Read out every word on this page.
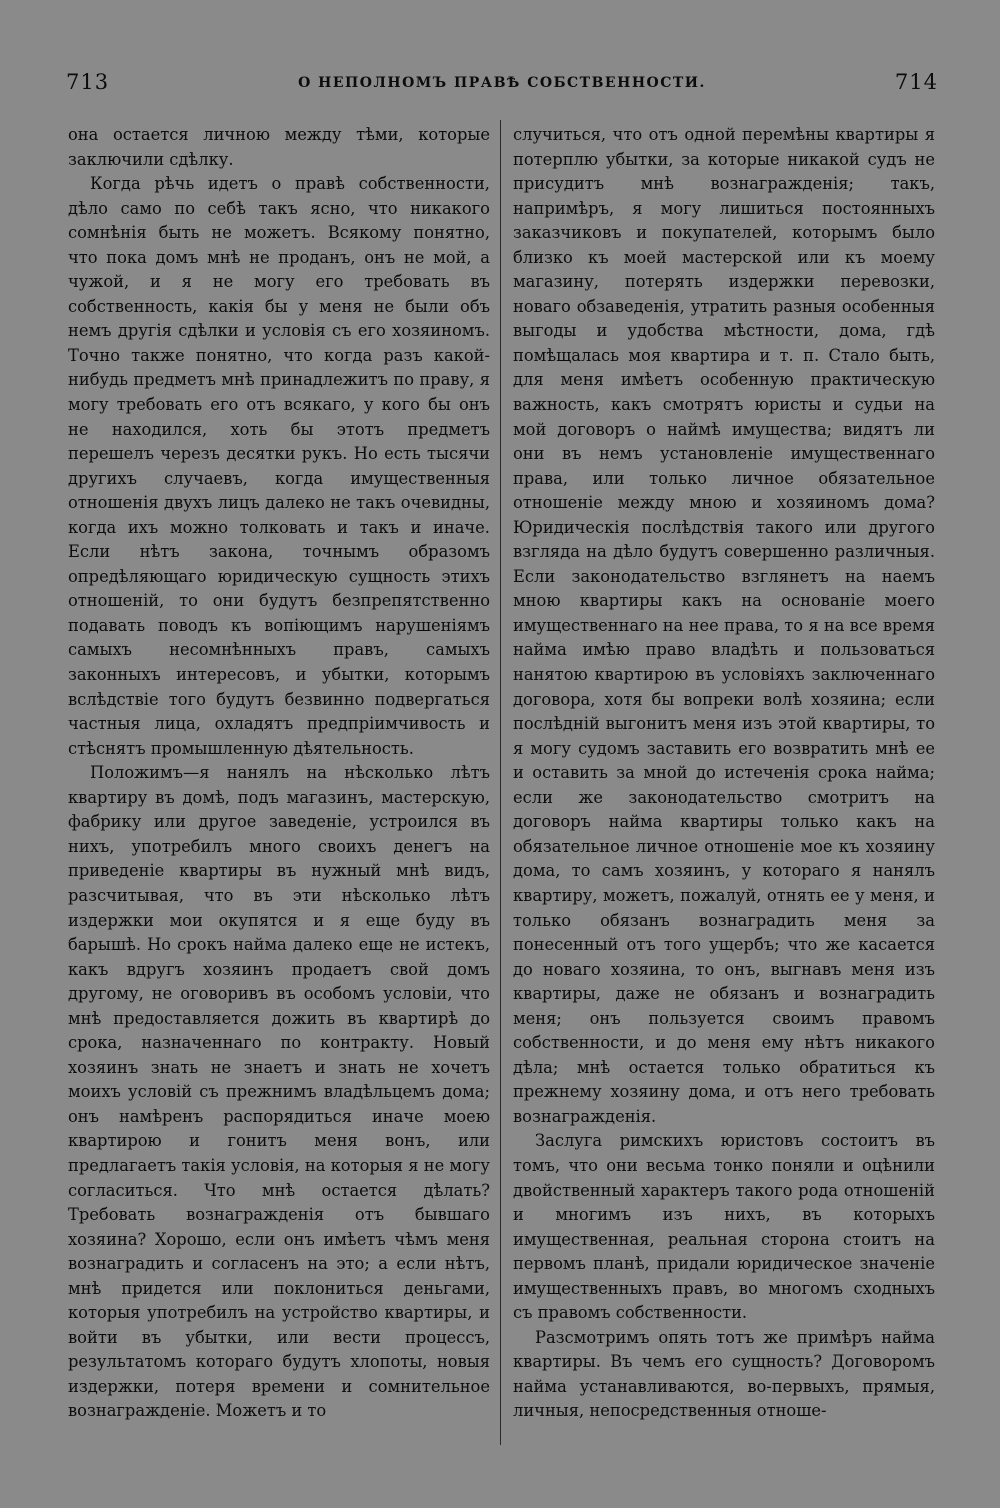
713	О НЕПОЛНОМЪ ПРАВѢ СОБСТВЕННОСТИ.	714

она остается личною между тѣми, которые заключили сдѣлку.

Когда рѣчь идетъ о правѣ собственности, дѣло само по себѣ такъ ясно, что никакого сомнѣнія быть не можетъ. Всякому понятно, что пока домъ мнѣ не проданъ, онъ не мой, а чужой, и я не могу его требовать въ собственность, какія бы у меня не были объ немъ другія сдѣлки и условія съ его хозяиномъ. Точно также понятно, что когда разъ какой-нибудь предметъ мнѣ принадлежитъ по праву, я могу требовать его отъ всякаго, у кого бы онъ не находился, хоть бы этотъ предметъ перешелъ черезъ десятки рукъ. Но есть тысячи другихъ случаевъ, когда имущественныя отношенія двухъ лицъ далеко не такъ очевидны, когда ихъ можно толковать и такъ и иначе. Если нѣтъ закона, точнымъ образомъ опредѣляющаго юридическую сущность этихъ отношеній, то они будутъ безпрепятственно подавать поводъ къ вопіющимъ нарушеніямъ самыхъ несомнѣнныхъ правъ, самыхъ законныхъ интересовъ, и убытки, которымъ вслѣдствіе того будутъ безвинно подвергаться частныя лица, охладятъ предпріимчивость и стѣснятъ промышленную дѣятельность.

Положимъ—я нанялъ на нѣсколько лѣтъ квартиру въ домѣ, подъ магазинъ, мастерскую, фабрику или другое заведеніе, устроился въ нихъ, употребилъ много своихъ денегъ на приведеніе квартиры въ нужный мнѣ видъ, разсчитывая, что въ эти нѣсколько лѣтъ издержки мои окупятся и я еще буду въ барышѣ. Но срокъ найма далеко еще не истекъ, какъ вдругъ хозяинъ продаетъ свой домъ другому, не оговоривъ въ особомъ условіи, что мнѣ предоставляется дожить въ квартирѣ до срока, назначеннаго по контракту. Новый хозяинъ знать не знаетъ и знать не хочетъ моихъ условій съ прежнимъ владѣльцемъ дома; онъ намѣренъ распорядиться иначе моею квартирою и гонитъ меня вонъ, или предлагаетъ такія условія, на которыя я не могу согласиться. Что мнѣ остается дѣлать? Требовать вознагражденія отъ бывшаго хозяина? Хорошо, если онъ имѣетъ чѣмъ меня вознаградить и согласенъ на это; а если нѣтъ, мнѣ придется или поклониться деньгами, которыя употребилъ на устройство квартиры, и войти въ убытки, или вести процессъ, результатомъ котораго будутъ хлопоты, новыя издержки, потеря времени и сомнительное вознагражденіе. Можетъ и то

случиться, что отъ одной перемѣны квартиры я потерплю убытки, за которые никакой судъ не присудитъ мнѣ вознагражденія; такъ, напримѣръ, я могу лишиться постоянныхъ заказчиковъ и покупателей, которымъ было близко къ моей мастерской или къ моему магазину, потерять издержки перевозки, новаго обзаведенія, утратить разныя особенныя выгоды и удобства мѣстности, дома, гдѣ помѣщалась моя квартира и т. п. Стало быть, для меня имѣетъ особенную практическую важность, какъ смотрятъ юристы и судьи на мой договоръ о наймѣ имущества; видятъ ли они въ немъ установленіе имущественнаго права, или только личное обязательное отношеніе между мною и хозяиномъ дома? Юридическія послѣдствія такого или другого взгляда на дѣло будутъ совершенно различныя. Если законодательство взглянетъ на наемъ мною квартиры какъ на основаніе моего имущественнаго на нее права, то я на все время найма имѣю право владѣть и пользоваться нанятою квартирою въ условіяхъ заключеннаго договора, хотя бы вопреки волѣ хозяина; если послѣдній выгонитъ меня изъ этой квартиры, то я могу судомъ заставить его возвратить мнѣ ее и оставить за мной до истеченія срока найма; если же законодательство смотритъ на договоръ найма квартиры только какъ на обязательное личное отношеніе мое къ хозяину дома, то самъ хозяинъ, у котораго я нанялъ квартиру, можетъ, пожалуй, отнять ее у меня, и только обязанъ вознаградить меня за понесенный отъ того ущербъ; что же касается до новаго хозяина, то онъ, выгнавъ меня изъ квартиры, даже не обязанъ и вознаградить меня; онъ пользуется своимъ правомъ собственности, и до меня ему нѣтъ никакого дѣла; мнѣ остается только обратиться къ прежнему хозяину дома, и отъ него требовать вознагражденія.

Заслуга римскихъ юристовъ состоитъ въ томъ, что они весьма тонко поняли и оцѣнили двойственный характеръ такого рода отношеній и многимъ изъ нихъ, въ которыхъ имущественная, реальная сторона стоитъ на первомъ планѣ, придали юридическое значеніе имущественныхъ правъ, во многомъ сходныхъ съ правомъ собственности.

Разсмотримъ опять тотъ же примѣръ найма квартиры. Въ чемъ его сущность? Договоромъ найма устанавливаются, во-первыхъ, прямыя, личныя, непосредственныя отноше-
